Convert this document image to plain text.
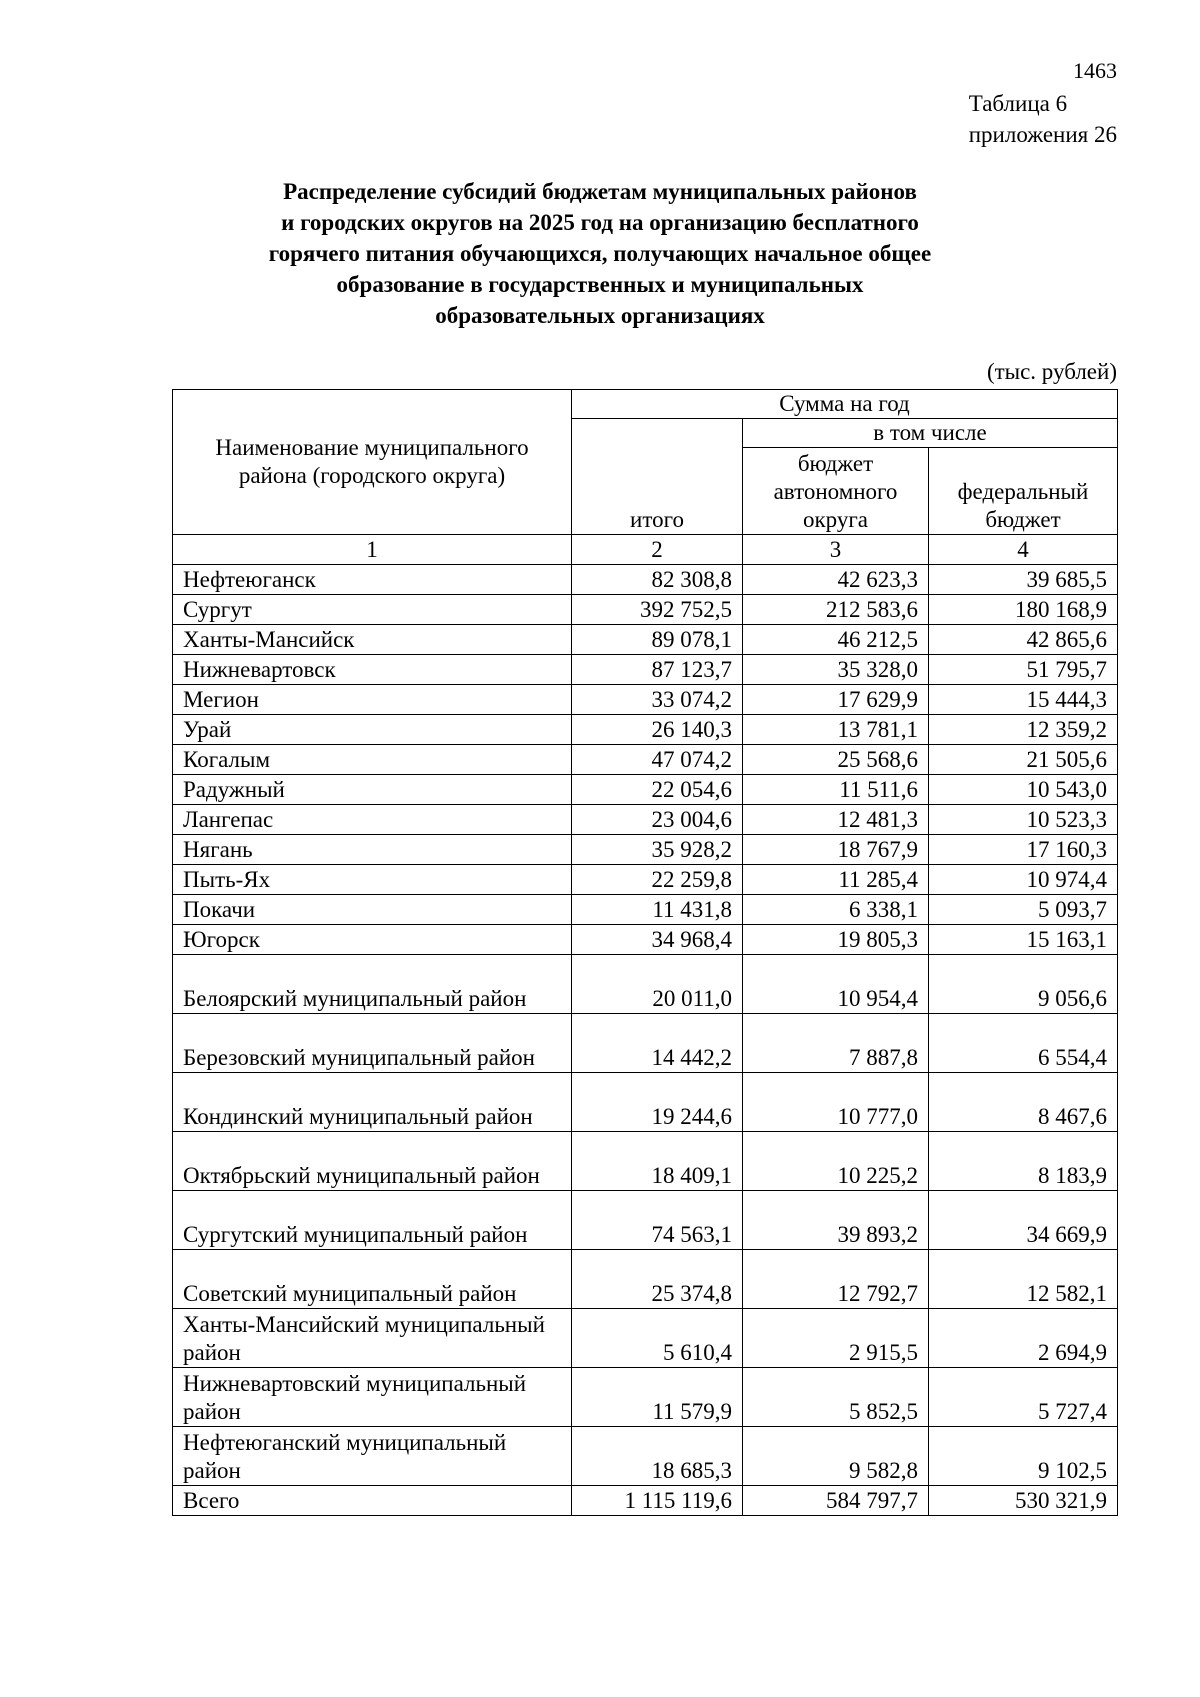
1463
Таблица 6
приложения 26
Распределение субсидий бюджетам муниципальных районов
и городских округов на 2025 год на организацию бесплатного
горячего питания обучающихся, получающих начальное общее
образование в государственных и муниципальных
образовательных организациях
(тыс. рублей)
Наименование муниципального района (городского округа)	Сумма на год		
	итого	в том числе	
		бюджет автономного округа	федеральный бюджет
1	2	3	4
Нефтеюганск	82 308,8	42 623,3	39 685,5
Сургут	392 752,5	212 583,6	180 168,9
Ханты-Мансийск	89 078,1	46 212,5	42 865,6
Нижневартовск	87 123,7	35 328,0	51 795,7
Мегион	33 074,2	17 629,9	15 444,3
Урай	26 140,3	13 781,1	12 359,2
Когалым	47 074,2	25 568,6	21 505,6
Радужный	22 054,6	11 511,6	10 543,0
Лангепас	23 004,6	12 481,3	10 523,3
Нягань	35 928,2	18 767,9	17 160,3
Пыть-Ях	22 259,8	11 285,4	10 974,4
Покачи	11 431,8	6 338,1	5 093,7
Югорск	34 968,4	19 805,3	15 163,1
Белоярский муниципальный район	20 011,0	10 954,4	9 056,6
Березовский муниципальный район	14 442,2	7 887,8	6 554,4
Кондинский муниципальный район	19 244,6	10 777,0	8 467,6
Октябрьский муниципальный район	18 409,1	10 225,2	8 183,9
Сургутский муниципальный район	74 563,1	39 893,2	34 669,9
Советский муниципальный район	25 374,8	12 792,7	12 582,1
Ханты-Мансийский муниципальный район	5 610,4	2 915,5	2 694,9
Нижневартовский муниципальный район	11 579,9	5 852,5	5 727,4
Нефтеюганский муниципальный район	18 685,3	9 582,8	9 102,5
Всего	1 115 119,6	584 797,7	530 321,9
